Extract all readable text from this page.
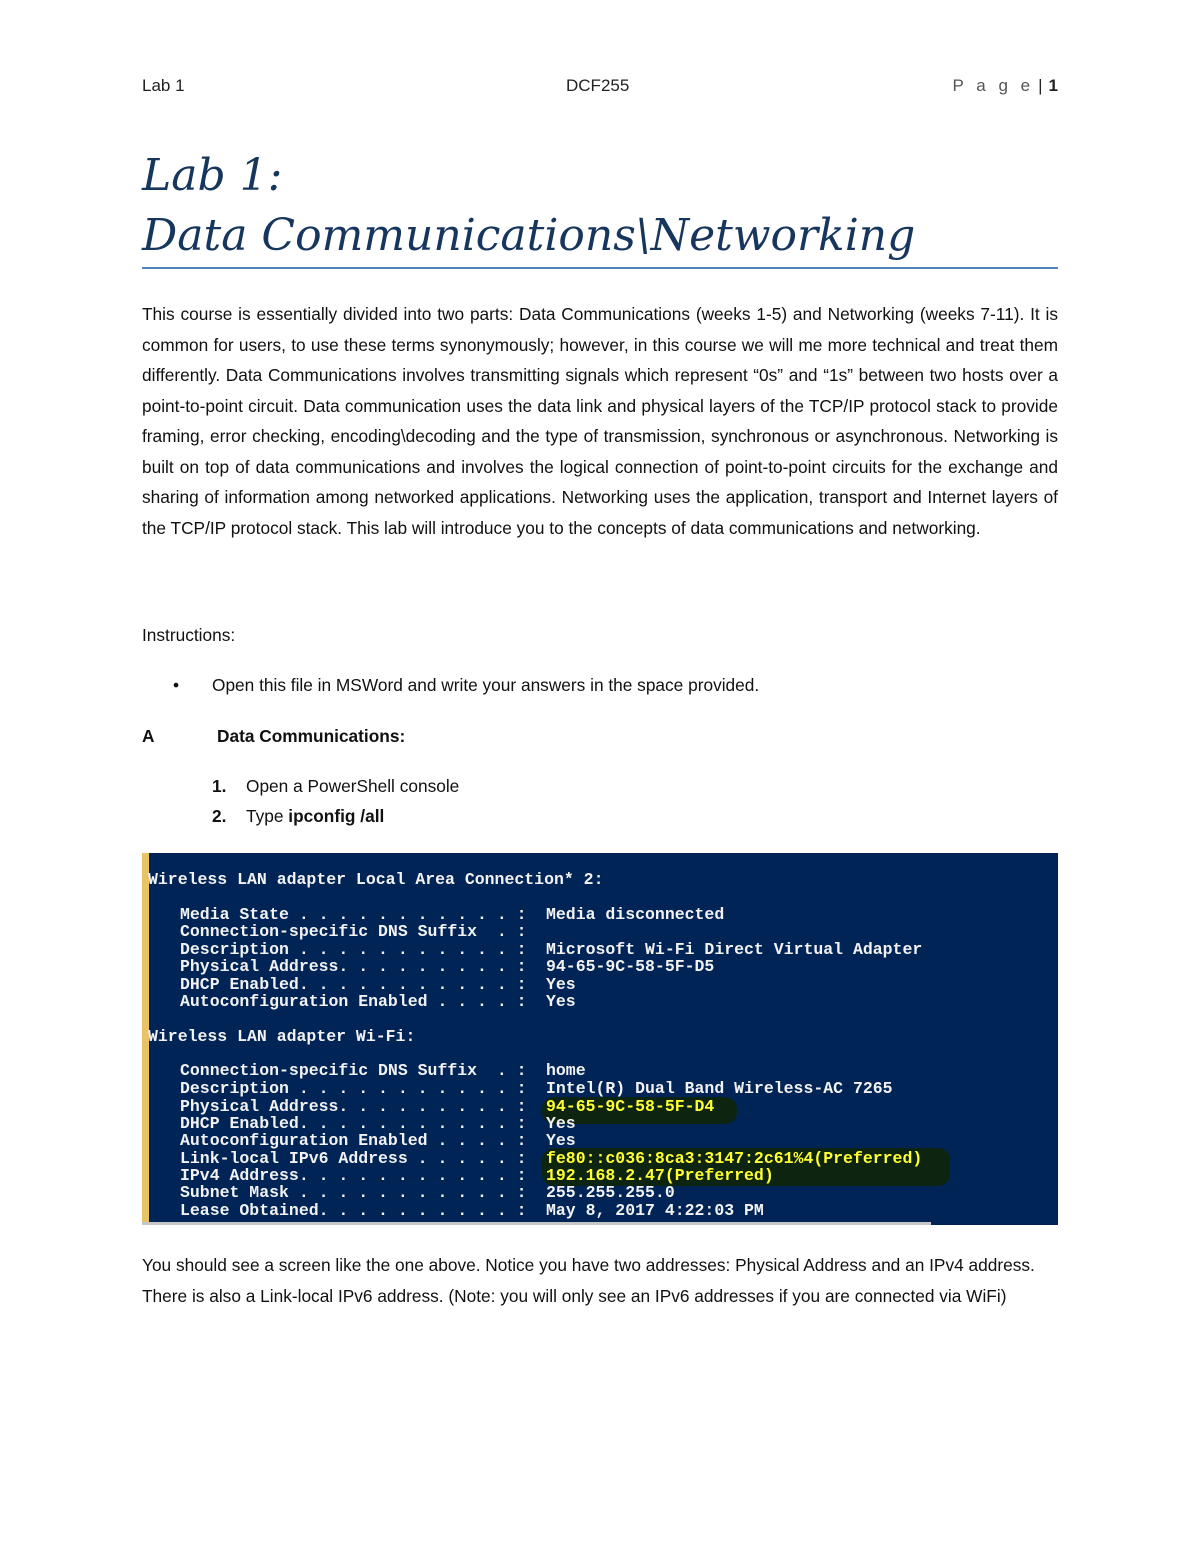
Lab 1	DCF255	P a g e | 1
Lab 1:
Data Communications\Networking

This course is essentially divided into two parts: Data Communications (weeks 1-5) and Networking (weeks 7-11). It is common for users, to use these terms synonymously; however, in this course we will me more technical and treat them differently. Data Communications involves transmitting signals which represent “0s” and “1s” between two hosts over a point-to-point circuit. Data communication uses the data link and physical layers of the TCP/IP protocol stack to provide framing, error checking, encoding\decoding and the type of transmission, synchronous or asynchronous. Networking is built on top of data communications and involves the logical connection of point-to-point circuits for the exchange and sharing of information among networked applications. Networking uses the application, transport and Internet layers of the TCP/IP protocol stack. This lab will introduce you to the concepts of data communications and networking.

Instructions:
• Open this file in MSWord and write your answers in the space provided.
A	Data Communications:
1. Open a PowerShell console
2. Type ipconfig /all
Wireless LAN adapter Local Area Connection* 2:
Media State . . . . . . . . . . . : Media disconnected
Connection-specific DNS Suffix  . :
Description . . . . . . . . . . . : Microsoft Wi-Fi Direct Virtual Adapter
Physical Address. . . . . . . . . : 94-65-9C-58-5F-D5
DHCP Enabled. . . . . . . . . . . : Yes
Autoconfiguration Enabled . . . . : Yes
Wireless LAN adapter Wi-Fi:
Connection-specific DNS Suffix  . : home
Description . . . . . . . . . . . : Intel(R) Dual Band Wireless-AC 7265
Physical Address. . . . . . . . . : 94-65-9C-58-5F-D4
DHCP Enabled. . . . . . . . . . . : Yes
Autoconfiguration Enabled . . . . : Yes
Link-local IPv6 Address . . . . . : fe80::c036:8ca3:3147:2c61%4(Preferred)
IPv4 Address. . . . . . . . . . . : 192.168.2.47(Preferred)
Subnet Mask . . . . . . . . . . . : 255.255.255.0
Lease Obtained. . . . . . . . . . : May 8, 2017 4:22:03 PM

You should see a screen like the one above. Notice you have two addresses: Physical Address and an IPv4 address. There is also a Link-local IPv6 address. (Note: you will only see an IPv6 addresses if you are connected via WiFi)
